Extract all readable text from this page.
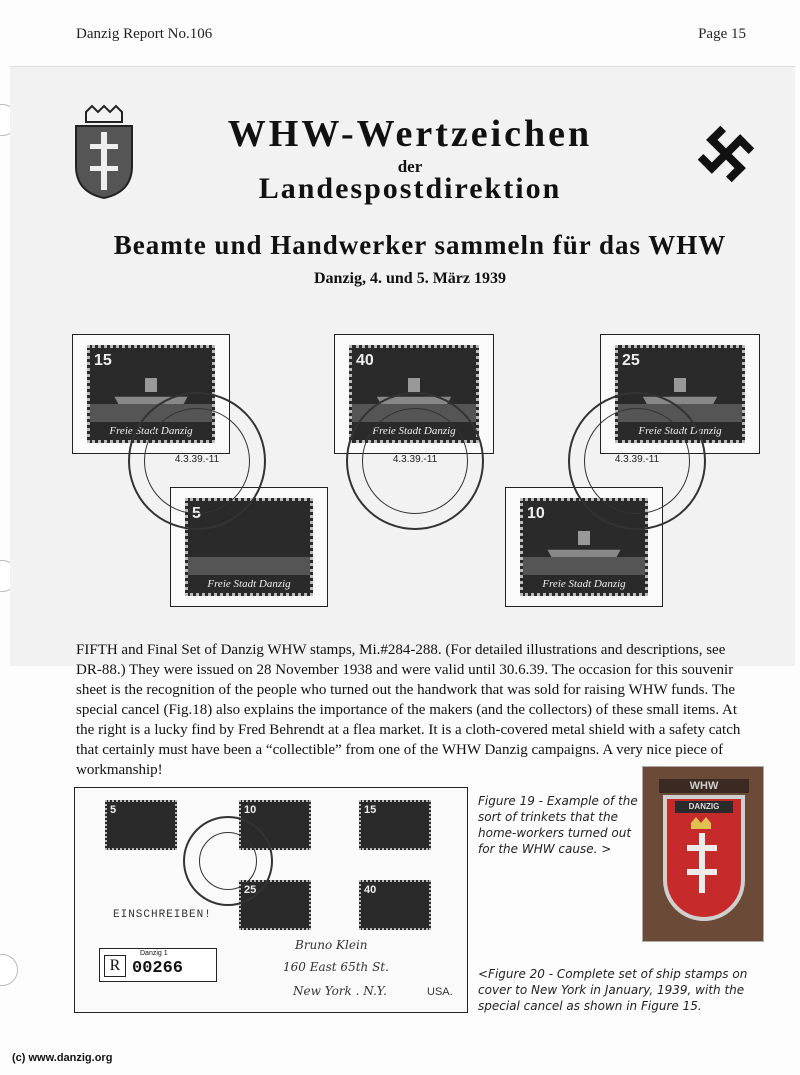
Danzig Report No.106	Page 15
WHW-Wertzeichen
der
Landespostdirektion
Beamte und Handwerker sammeln für das WHW
Danzig, 4. und 5. März 1939
15
Freie Stadt Danzig
40
Freie Stadt Danzig
25
Freie Stadt Danzig
5
Freie Stadt Danzig
10
Freie Stadt Danzig
4.3.39.-11	4.3.39.-11	4.3.39.-11

FIFTH and Final Set of Danzig WHW stamps, Mi.#284-288. (For detailed illustrations and descriptions, see DR-88.) They were issued on 28 November 1938 and were valid until 30.6.39. The occasion for this souvenir sheet is the recognition of the people who turned out the handwork that was sold for raising WHW funds. The special cancel (Fig.18) also explains the importance of the makers (and the collectors) of these small items. At the right is a lucky find by Fred Behrendt at a flea market. It is a cloth-covered metal shield with a safety catch that certainly must have been a “collectible” from one of the WHW Danzig campaigns. A very nice piece of workmanship!

5	10	15
25	40
EINSCHREIBEN!
R
Danzig 1
00266
Bruno Klein
160 East 65th St.
New York . N.Y.	USA.

Figure 19 - Example of the sort of trinkets that the home-workers turned out for the WHW cause. >

WHW
DANZIG

<Figure 20 - Complete set of ship stamps on cover to New York in January, 1939, with the special cancel as shown in Figure 15.

(c) www.danzig.org
